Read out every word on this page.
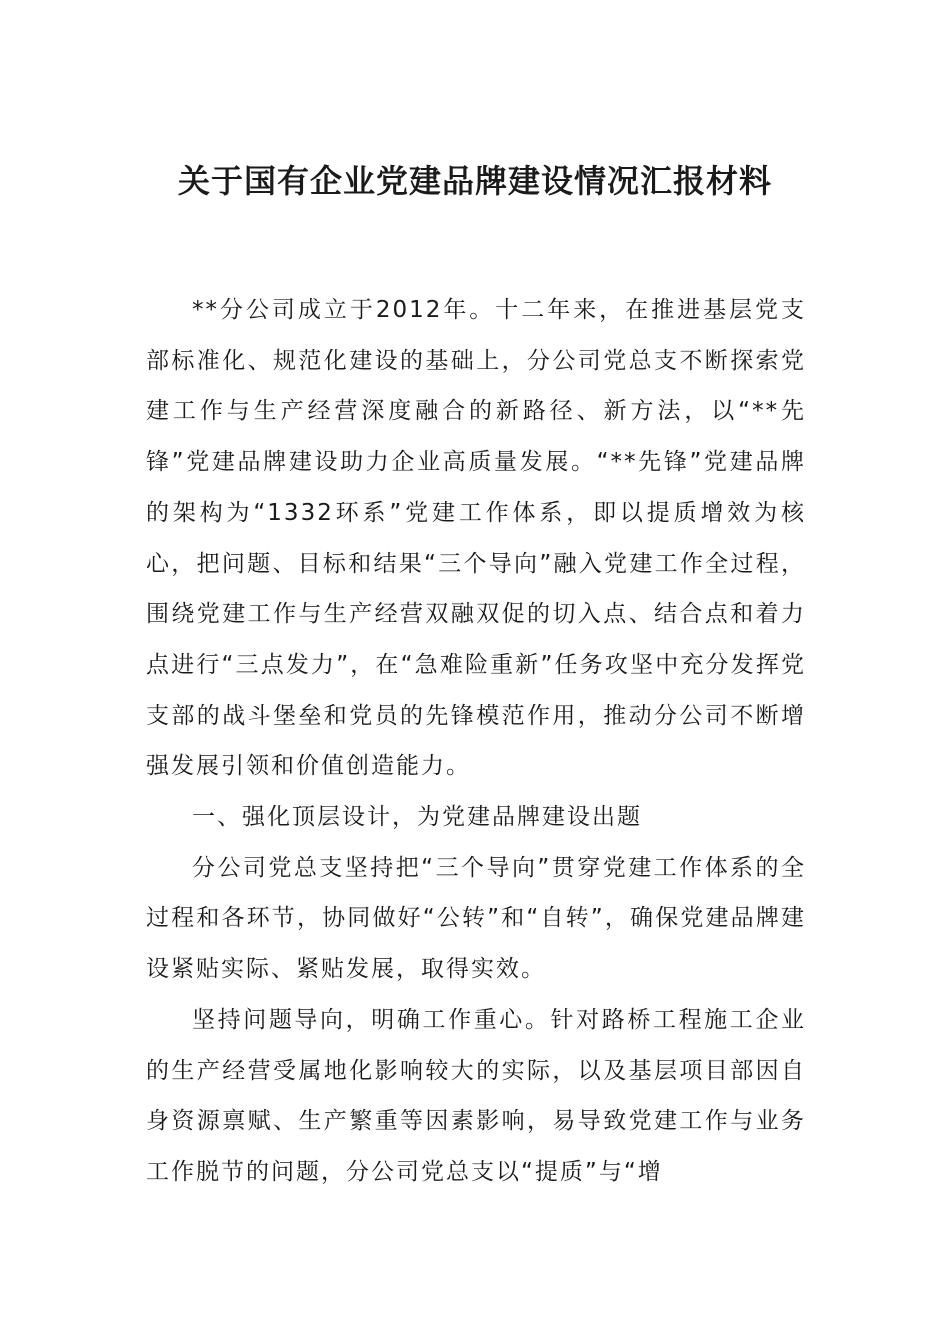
关于国有企业党建品牌建设情况汇报材料

**分公司成立于2012年。十二年来，在推进基层党支部标准化、规范化建设的基础上，分公司党总支不断探索党建工作与生产经营深度融合的新路径、新方法，以“**先锋”党建品牌建设助力企业高质量发展。“**先锋”党建品牌的架构为“1332环系”党建工作体系，即以提质增效为核心，把问题、目标和结果“三个导向”融入党建工作全过程，围绕党建工作与生产经营双融双促的切入点、结合点和着力点进行“三点发力”，在“急难险重新”任务攻坚中充分发挥党支部的战斗堡垒和党员的先锋模范作用，推动分公司不断增强发展引领和价值创造能力。

一、强化顶层设计，为党建品牌建设出题

分公司党总支坚持把“三个导向”贯穿党建工作体系的全过程和各环节，协同做好“公转”和“自转”，确保党建品牌建设紧贴实际、紧贴发展，取得实效。

坚持问题导向，明确工作重心。针对路桥工程施工企业的生产经营受属地化影响较大的实际，以及基层项目部因自身资源禀赋、生产繁重等因素影响，易导致党建工作与业务工作脱节的问题，分公司党总支以“提质”与“增
